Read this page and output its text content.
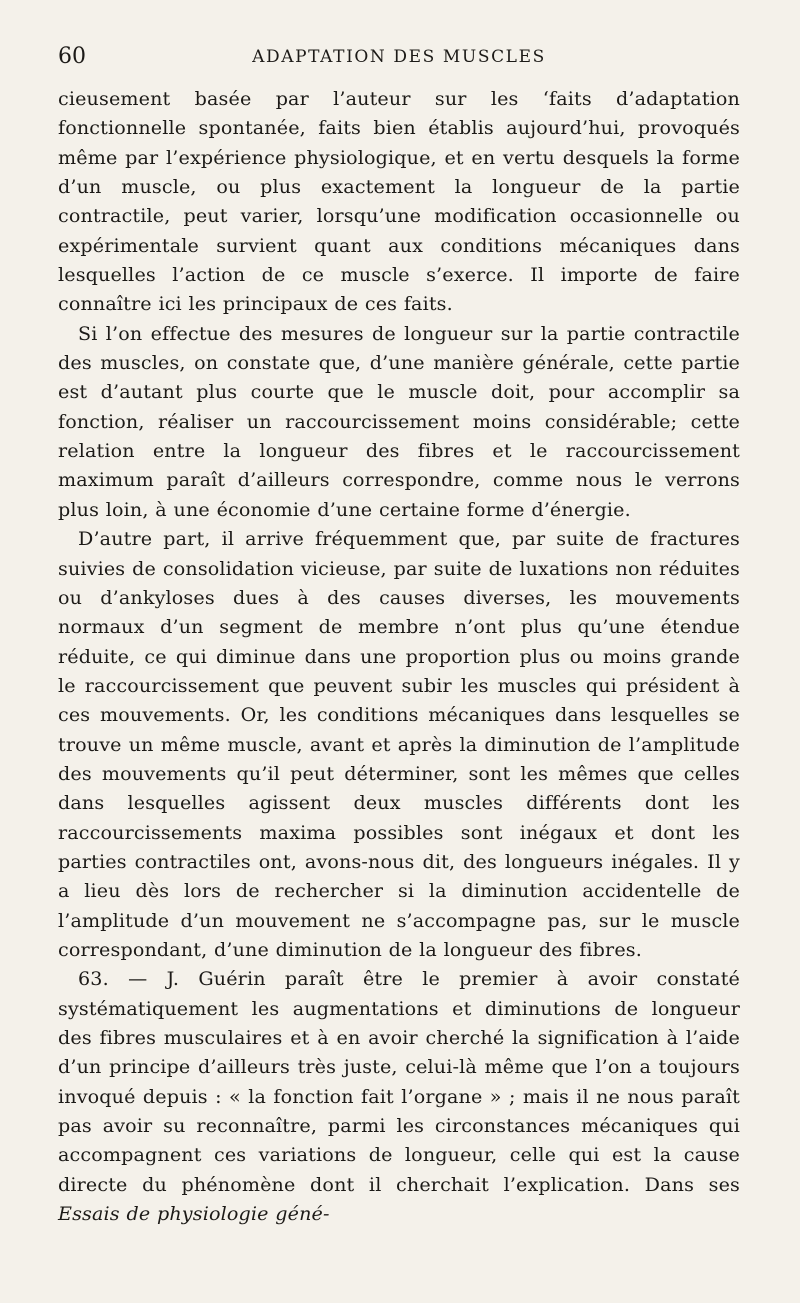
60	ADAPTATION DES MUSCLES

cieusement basée par l’auteur sur les ‘faits d’adaptation fonctionnelle spontanée, faits bien établis aujourd’hui, provoqués même par l’expérience physiologique, et en vertu desquels la forme d’un muscle, ou plus exactement la longueur de la partie contractile, peut varier, lorsqu’une modification occasionnelle ou expérimentale survient quant aux conditions mécaniques dans lesquelles l’action de ce muscle s’exerce. Il importe de faire connaître ici les principaux de ces faits.

Si l’on effectue des mesures de longueur sur la partie contractile des muscles, on constate que, d’une manière générale, cette partie est d’autant plus courte que le muscle doit, pour accomplir sa fonction, réaliser un raccourcissement moins considérable; cette relation entre la longueur des fibres et le raccourcissement maximum paraît d’ailleurs correspondre, comme nous le verrons plus loin, à une économie d’une certaine forme d’énergie.

D’autre part, il arrive fréquemment que, par suite de fractures suivies de consolidation vicieuse, par suite de luxations non réduites ou d’ankyloses dues à des causes diverses, les mouvements normaux d’un segment de membre n’ont plus qu’une étendue réduite, ce qui diminue dans une proportion plus ou moins grande le raccourcissement que peuvent subir les muscles qui président à ces mouvements. Or, les conditions mécaniques dans lesquelles se trouve un même muscle, avant et après la diminution de l’amplitude des mouvements qu’il peut déterminer, sont les mêmes que celles dans lesquelles agissent deux muscles différents dont les raccourcissements maxima possibles sont inégaux et dont les parties contractiles ont, avons-nous dit, des longueurs inégales. Il y a lieu dès lors de rechercher si la diminution accidentelle de l’amplitude d’un mouvement ne s’accompagne pas, sur le muscle correspondant, d’une diminution de la longueur des fibres.

63. — J. Guérin paraît être le premier à avoir constaté systématiquement les augmentations et diminutions de longueur des fibres musculaires et à en avoir cherché la signification à l’aide d’un principe d’ailleurs très juste, celui-là même que l’on a toujours invoqué depuis : « la fonction fait l’organe » ; mais il ne nous paraît pas avoir su reconnaître, parmi les circonstances mécaniques qui accompagnent ces variations de longueur, celle qui est la cause directe du phénomène dont il cherchait l’explication. Dans ses Essais de physiologie géné-
